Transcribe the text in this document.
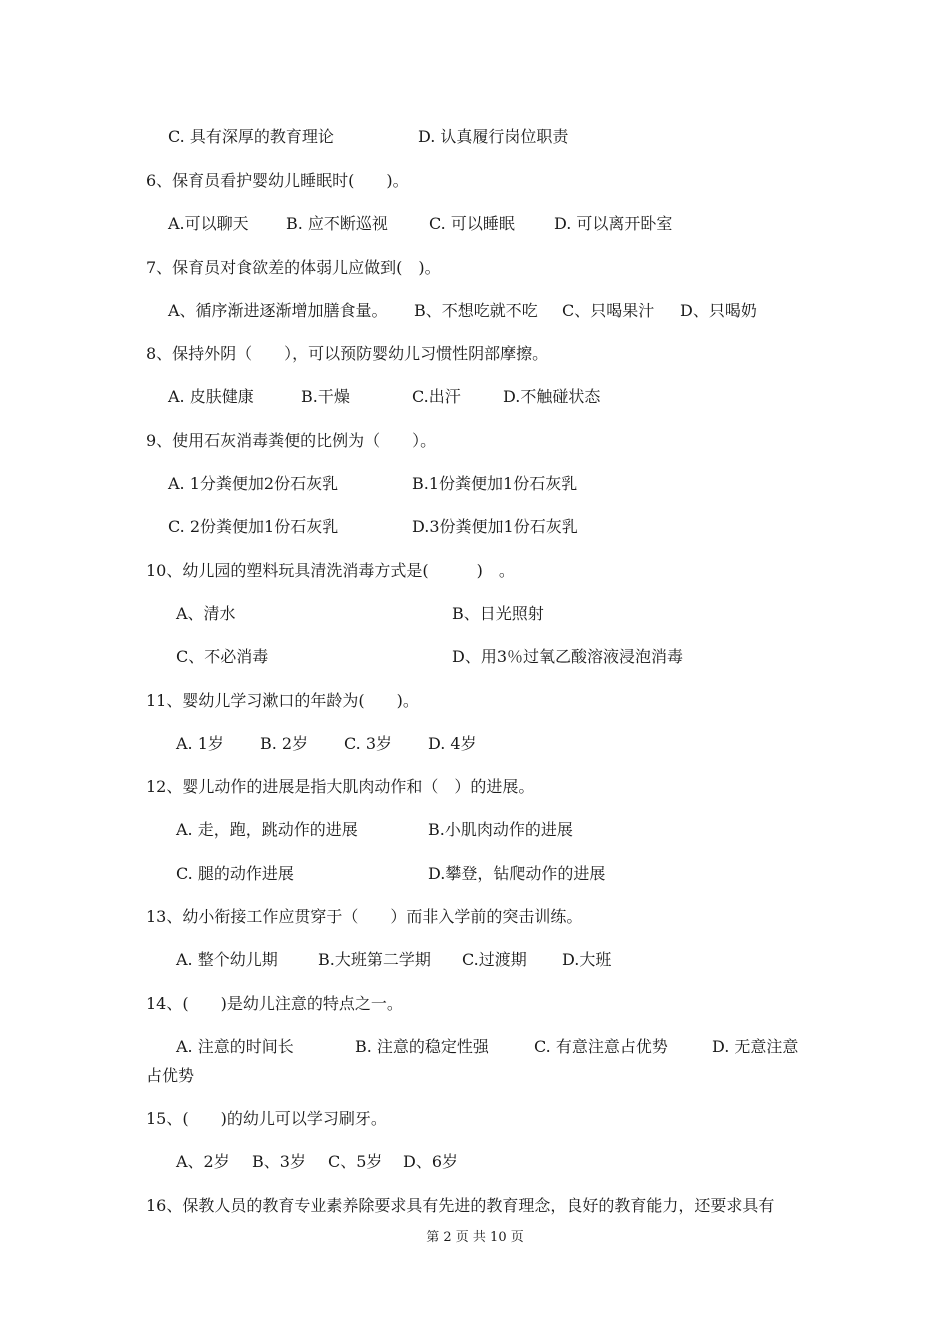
C. 具有深厚的教育理论	D. 认真履行岗位职责
6、保育员看护婴幼儿睡眠时(　　)。
A.可以聊天 B. 应不断巡视	C. 可以睡眠 D. 可以离开卧室
7、保育员对食欲差的体弱儿应做到(　)。
A、循序渐进逐渐增加膳食量。 B、不想吃就不吃 C、只喝果汁 D、只喝奶
8、保持外阴（　　），可以预防婴幼儿习惯性阴部摩擦。
A. 皮肤健康	B.干燥	C.出汗	D.不触碰状态
9、使用石灰消毒粪便的比例为（　　）。
A. 1分粪便加2份石灰乳	B.1份粪便加1份石灰乳
C. 2份粪便加1份石灰乳	D.3份粪便加1份石灰乳
10、幼儿园的塑料玩具清洗消毒方式是(　　　)　。
A、清水	B、日光照射
C、不必消毒	D、用3％过氧乙酸溶液浸泡消毒
11、婴幼儿学习漱口的年龄为(　　)。
A. 1岁 B. 2岁 C. 3岁 D. 4岁
12、婴儿动作的进展是指大肌肉动作和（　）的进展。
A. 走，跑，跳动作的进展	B.小肌肉动作的进展
C. 腿的动作进展	D.攀登，钻爬动作的进展
13、幼小衔接工作应贯穿于（　　）而非入学前的突击训练。
A. 整个幼儿期	B.大班第二学期 C.过渡期 D.大班
14、(　　)是幼儿注意的特点之一。
A. 注意的时间长	B. 注意的稳定性强	C. 有意注意占优势	D. 无意注意
占优势
15、(　　)的幼儿可以学习刷牙。
A、2岁 B、3岁 C、5岁 D、6岁
16、保教人员的教育专业素养除要求具有先进的教育理念，良好的教育能力，还要求具有
第 2 页 共 10 页
